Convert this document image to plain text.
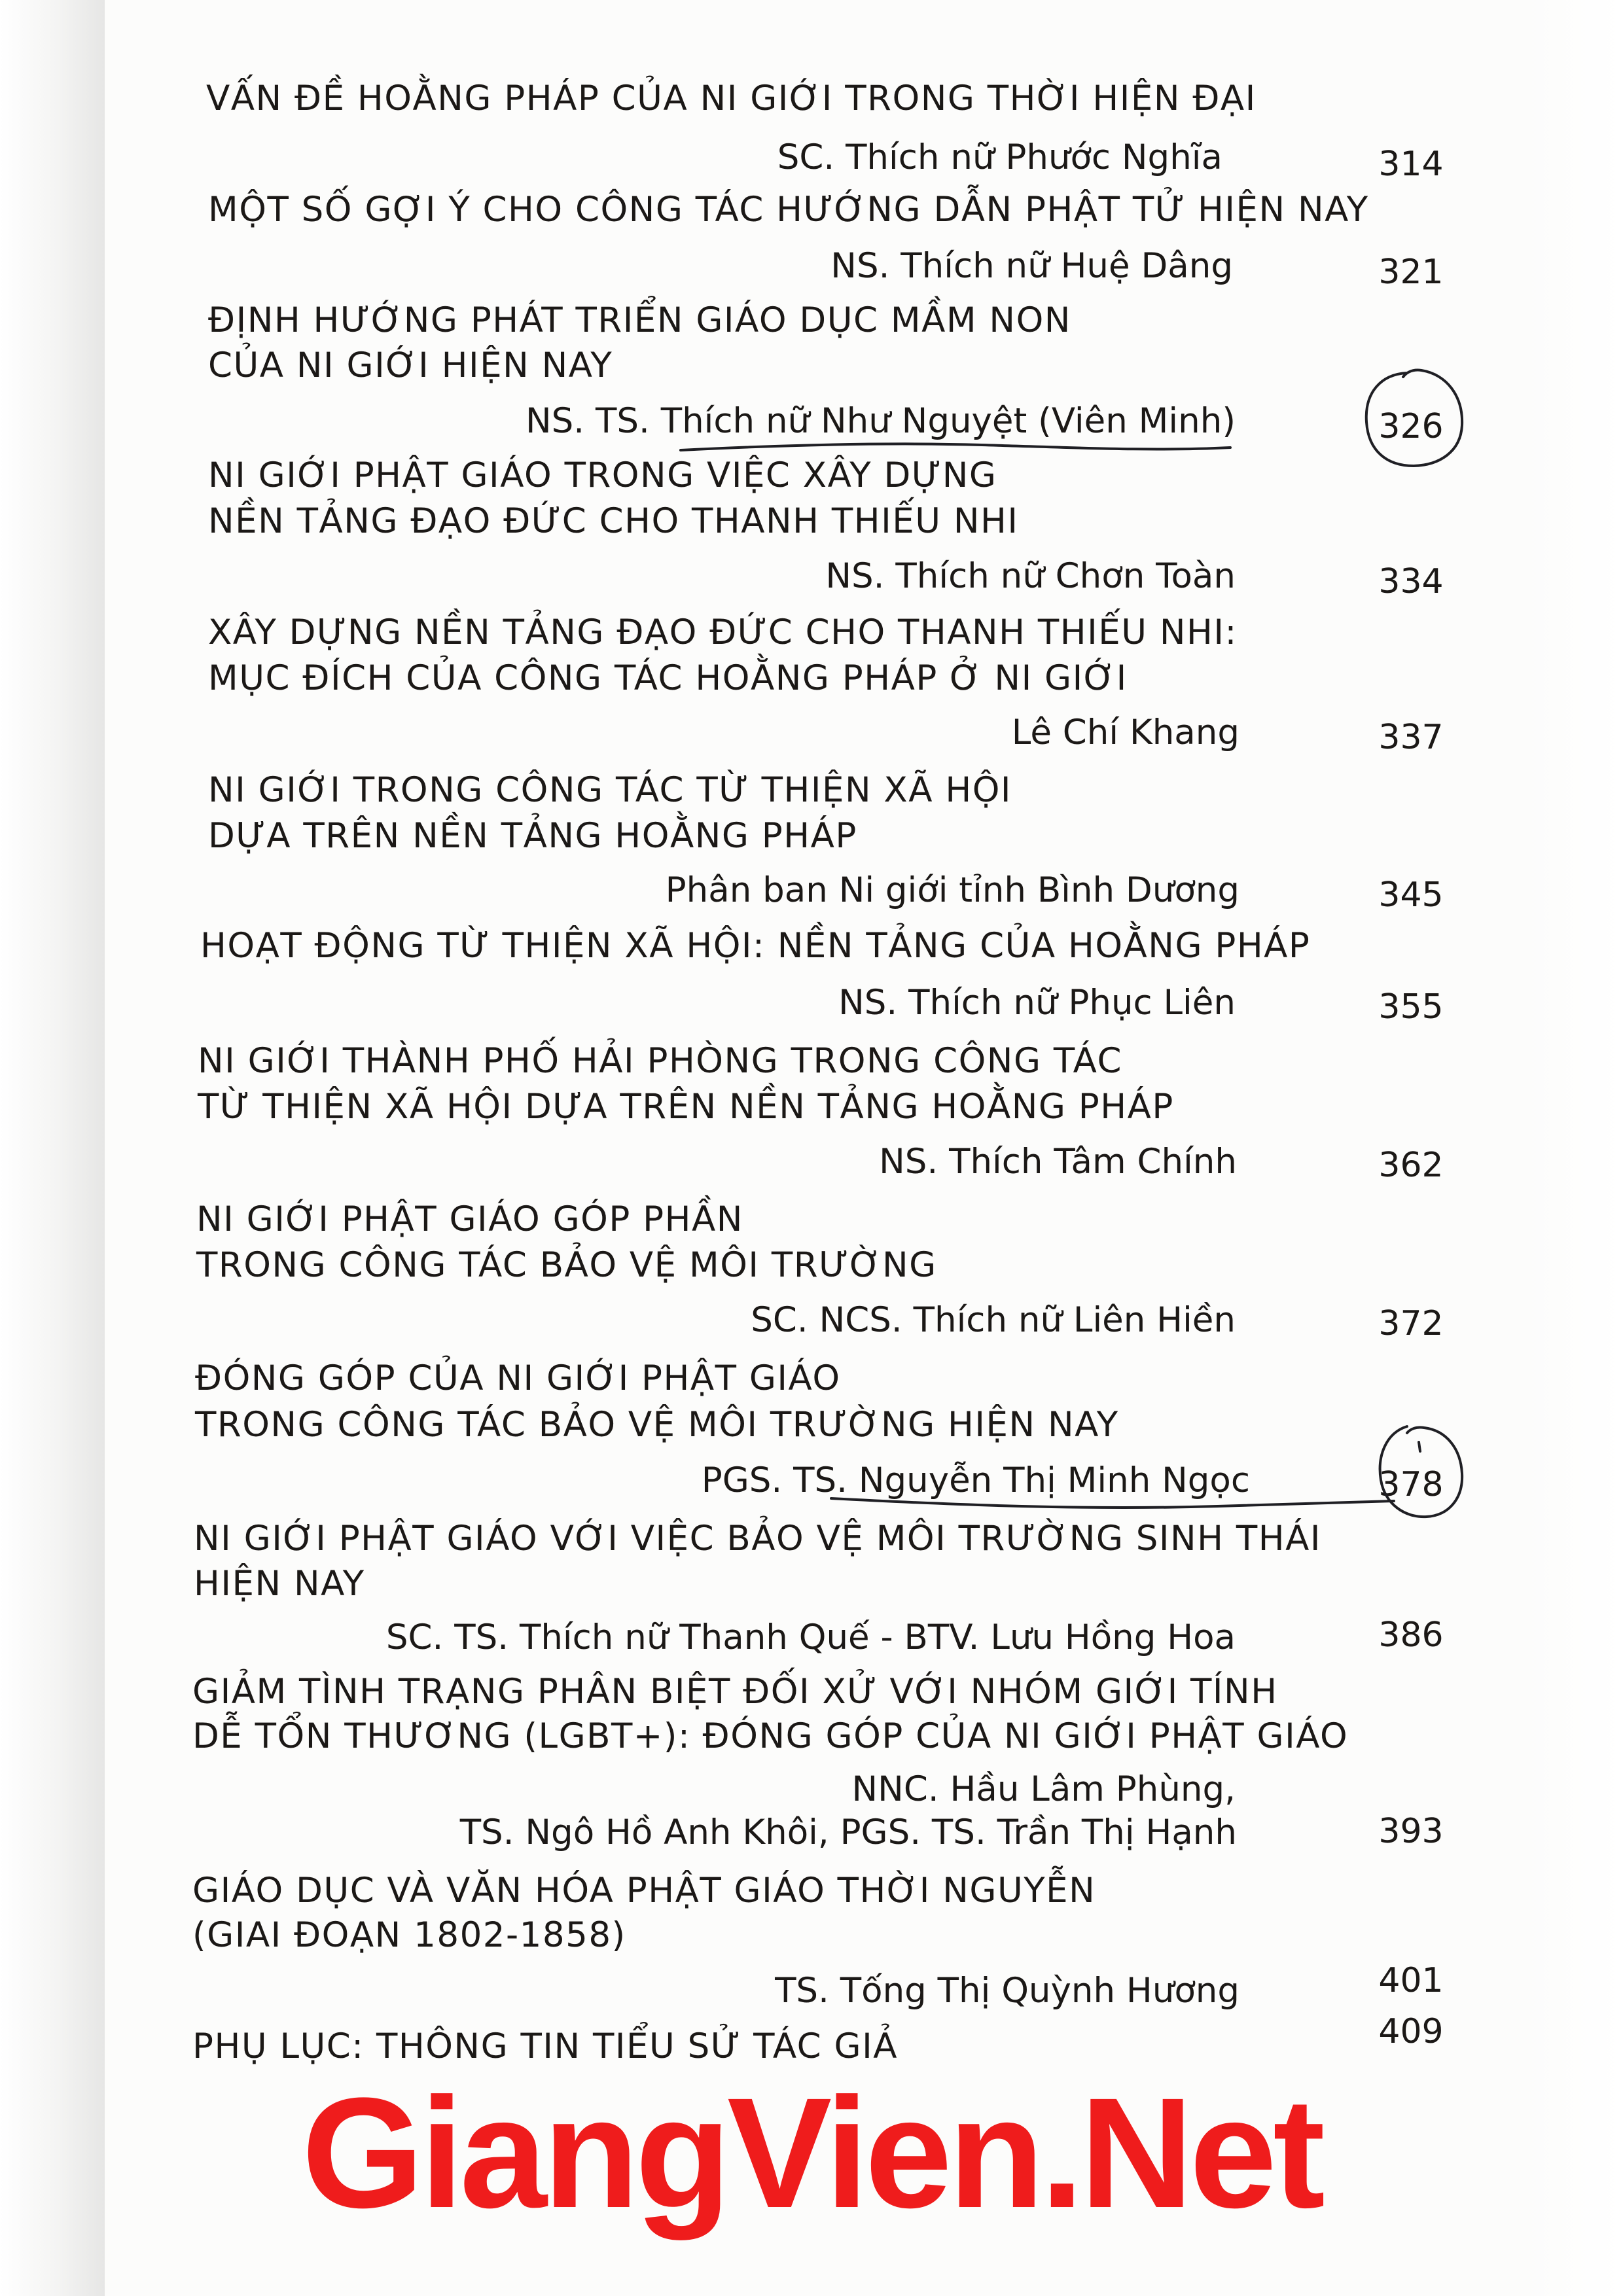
VẤN ĐỀ HOẰNG PHÁP CỦA NI GIỚI TRONG THỜI HIỆN ĐẠI
SC. Thích nữ Phước Nghĩa	314
MỘT SỐ GỢI Ý CHO CÔNG TÁC HƯỚNG DẪN PHẬT TỬ HIỆN NAY
NS. Thích nữ Huệ Dâng	321
ĐỊNH HƯỚNG PHÁT TRIỂN GIÁO DỤC MẦM NON
CỦA NI GIỚI HIỆN NAY
NS. TS. Thích nữ Như Nguyệt (Viên Minh)	326
NI GIỚI PHẬT GIÁO TRONG VIỆC XÂY DỰNG
NỀN TẢNG ĐẠO ĐỨC CHO THANH THIẾU NHI
NS. Thích nữ Chơn Toàn	334
XÂY DỰNG NỀN TẢNG ĐẠO ĐỨC CHO THANH THIẾU NHI:
MỤC ĐÍCH CỦA CÔNG TÁC HOẰNG PHÁP Ở NI GIỚI
Lê Chí Khang	337
NI GIỚI TRONG CÔNG TÁC TỪ THIỆN XÃ HỘI
DỰA TRÊN NỀN TẢNG HOẰNG PHÁP
Phân ban Ni giới tỉnh Bình Dương	345
HOẠT ĐỘNG TỪ THIỆN XÃ HỘI: NỀN TẢNG CỦA HOẰNG PHÁP
NS. Thích nữ Phục Liên	355
NI GIỚI THÀNH PHỐ HẢI PHÒNG TRONG CÔNG TÁC
TỪ THIỆN XÃ HỘI DỰA TRÊN NỀN TẢNG HOẰNG PHÁP
NS. Thích Tâm Chính	362
NI GIỚI PHẬT GIÁO GÓP PHẦN
TRONG CÔNG TÁC BẢO VỆ MÔI TRƯỜNG
SC. NCS. Thích nữ Liên Hiền	372
ĐÓNG GÓP CỦA NI GIỚI PHẬT GIÁO
TRONG CÔNG TÁC BẢO VỆ MÔI TRƯỜNG HIỆN NAY
PGS. TS. Nguyễn Thị Minh Ngọc	378
NI GIỚI PHẬT GIÁO VỚI VIỆC BẢO VỆ MÔI TRƯỜNG SINH THÁI
HIỆN NAY
SC. TS. Thích nữ Thanh Quế - BTV. Lưu Hồng Hoa	386
GIẢM TÌNH TRẠNG PHÂN BIỆT ĐỐI XỬ VỚI NHÓM GIỚI TÍNH
DỄ TỔN THƯƠNG (LGBT+): ĐÓNG GÓP CỦA NI GIỚI PHẬT GIÁO
NNC. Hầu Lâm Phùng,
TS. Ngô Hồ Anh Khôi, PGS. TS. Trần Thị Hạnh	393
GIÁO DỤC VÀ VĂN HÓA PHẬT GIÁO THỜI NGUYỄN
(GIAI ĐOẠN 1802-1858)
TS. Tống Thị Quỳnh Hương	401
PHỤ LỤC: THÔNG TIN TIỂU SỬ TÁC GIẢ	409
GiangVien.Net
